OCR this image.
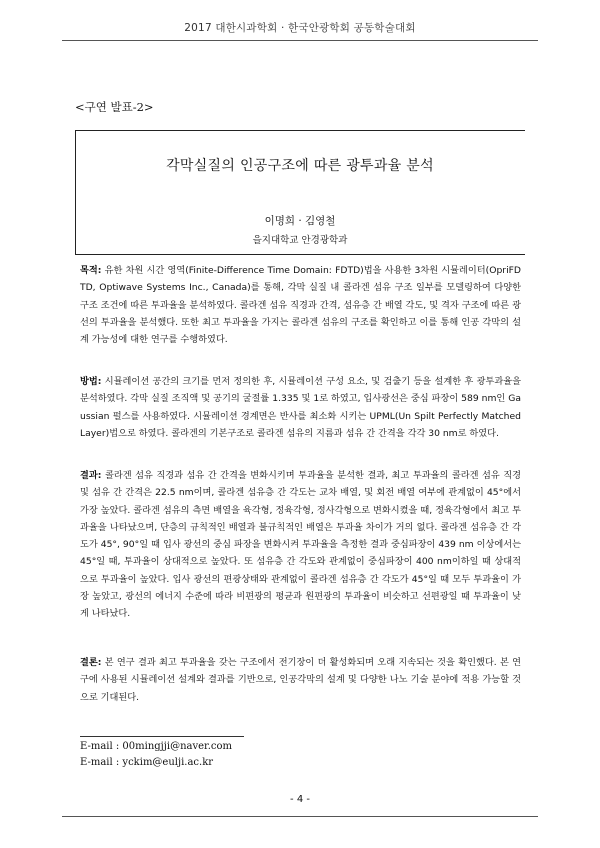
2017 대한시과학회 · 한국안광학회 공동학술대회
<구연 발표-2>
각막실질의 인공구조에 따른 광투과율 분석
이명희 · 김영철
을지대학교 안경광학과
목적: 유한 차원 시간 영역(Finite-Difference Time Domain: FDTD)법을 사용한 3차원 시뮬레이터(OpriFDTD, Optiwave Systems Inc., Canada)를 통해, 각막 실질 내 콜라겐 섬유 구조 일부를 모델링하여 다양한 구조 조건에 따른 투과율을 분석하였다. 콜라겐 섬유 직경과 간격, 섬유층 간 배열 각도, 및 격자 구조에 따른 광선의 투과율을 분석했다. 또한 최고 투과율을 가지는 콜라겐 섬유의 구조를 확인하고 이를 통해 인공 각막의 설계 가능성에 대한 연구를 수행하였다.
방법: 시뮬레이션 공간의 크기를 먼저 정의한 후, 시뮬레이션 구성 요소, 및 검출기 등을 설계한 후 광투과율을 분석하였다. 각막 실질 조직액 및 공기의 굴절률 1.335 및 1로 하였고, 입사광선은 중심 파장이 589 nm인 Gaussian 펄스를 사용하였다. 시뮬레이션 경계면은 반사를 최소화 시키는 UPML(Un Spilt Perfectly Matched Layer)법으로 하였다. 콜라겐의 기본구조로 콜라겐 섬유의 지름과 섬유 간 간격을 각각 30 nm로 하였다.
결과: 콜라겐 섬유 직경과 섬유 간 간격을 변화시키며 투과율을 분석한 결과, 최고 투과율의 콜라겐 섬유 직경 및 섬유 간 간격은 22.5 nm이며, 콜라겐 섬유층 간 각도는 교차 배열, 및 회전 배열 여부에 관계없이 45°에서 가장 높았다. 콜라겐 섬유의 측면 배열을 육각형, 정육각형, 정사각형으로 변화시켰을 때, 정육각형에서 최고 투과율을 나타났으며, 단층의 규칙적인 배열과 불규칙적인 배열은 투과율 차이가 거의 없다. 콜라겐 섬유층 간 각도가 45°, 90°일 때 입사 광선의 중심 파장을 변화시켜 투과율을 측정한 결과 중심파장이 439 nm 이상에서는 45°일 때, 투과율이 상대적으로 높았다. 또 섬유층 간 각도와 관계없이 중심파장이 400 nm이하일 때 상대적으로 투과율이 높았다. 입사 광선의 편광상태와 관계없이 콜라겐 섬유층 간 각도가 45°일 때 모두 투과율이 가장 높았고, 광선의 에너지 수준에 따라 비편광의 평균과 원편광의 투과율이 비슷하고 선편광일 때 투과율이 낮게 나타났다.
결론: 본 연구 결과 최고 투과율을 갖는 구조에서 전기장이 더 활성화되며 오래 지속되는 것을 확인했다. 본 연구에 사용된 시뮬레이션 설계와 결과를 기반으로, 인공각막의 설계 및 다양한 나노 기술 분야에 적용 가능할 것으로 기대된다.
E-mail : 00mingjji@naver.com
E-mail : yckim@eulji.ac.kr
- 4 -
